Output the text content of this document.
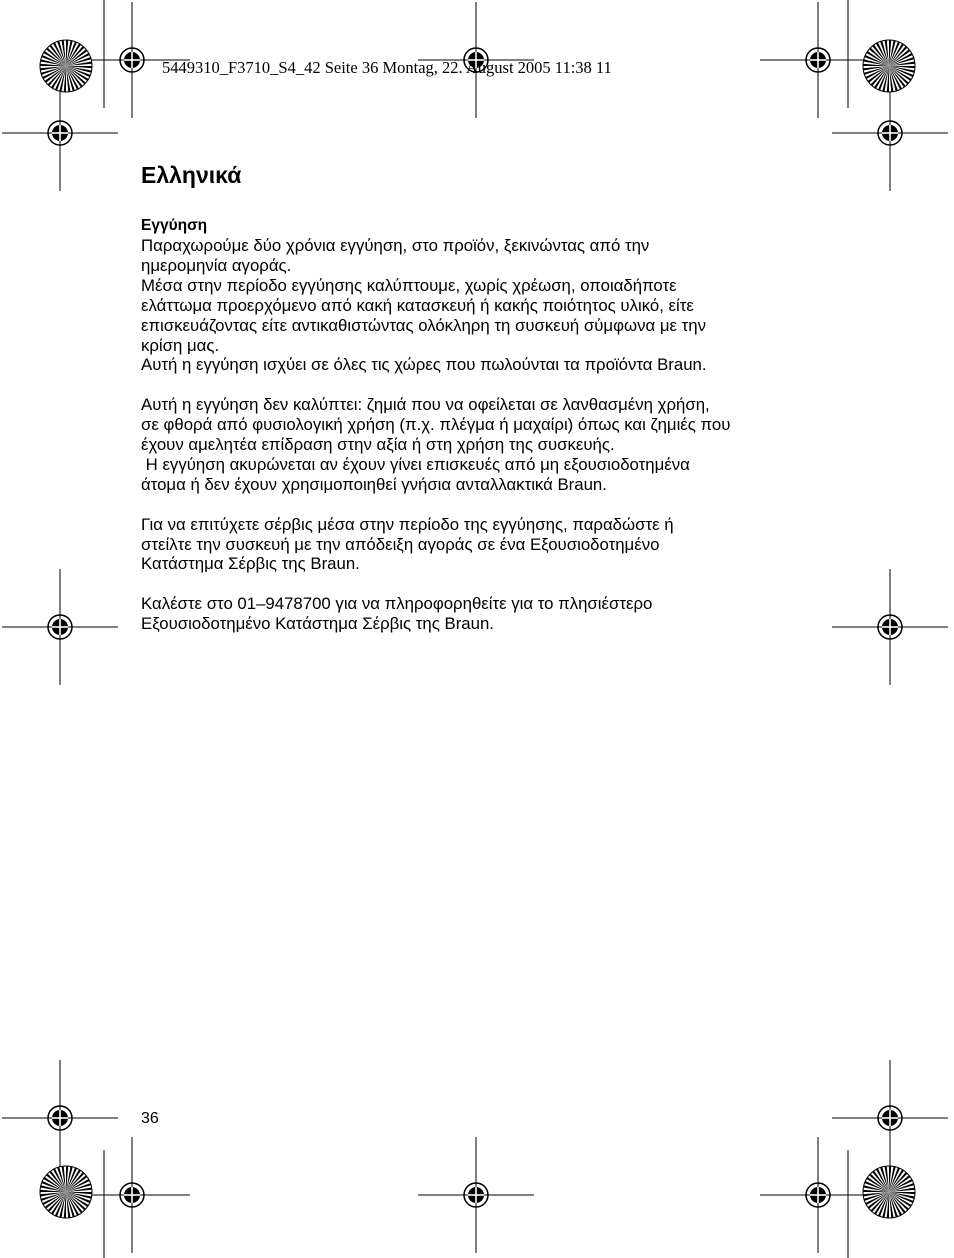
5449310_F3710_S4_42 Seite 36 Montag, 22. August 2005 11:38 11
Ελληνικά
Εγγύηση

Παραχωρούμε δύο χρόνια εγγύηση, στο προϊόν, ξεκινώντας από την
ημερομηνία αγοράς.
Μέσα στην περίοδο εγγύησης καλύπτουμε, χωρίς χρέωση, οποιαδήποτε
ελάττωμα προερχόμενο από κακή κατασκευή ή κακής ποιότητος υλικό, είτε
επισκευάζοντας είτε αντικαθιστώντας ολόκληρη τη συσκευή σύμφωνα με την
κρίση μας.
Αυτή η εγγύηση ισχύει σε όλες τις χώρες που πωλούνται τα προϊόντα Braun.

Αυτή η εγγύηση δεν καλύπτει: ζημιά που να οφείλεται σε λανθασμένη χρήση,
σε φθορά από φυσιολογική χρήση (π.χ. πλέγμα ή μαχαίρι) όπως και ζημιές που
έχουν αμελητέα επίδραση στην αξία ή στη χρήση της συσκευής.
Η εγγύηση ακυρώνεται αν έχουν γίνει επισκευές από μη εξουσιοδοτημένα
άτομα ή δεν έχουν χρησιμοποιηθεί γνήσια ανταλλακτικά Braun.

Για να επιτύχετε σέρβις μέσα στην περίοδο της εγγύησης, παραδώστε ή
στείλτε την συσκευή με την απόδειξη αγοράς σε ένα Εξουσιοδοτημένο
Κατάστημα Σέρβις της Braun.

Καλέστε στο 01–9478700 για να πληροφορηθείτε για το πλησιέστερο
Εξουσιοδοτημένο Κατάστημα Σέρβις της Braun.

36
